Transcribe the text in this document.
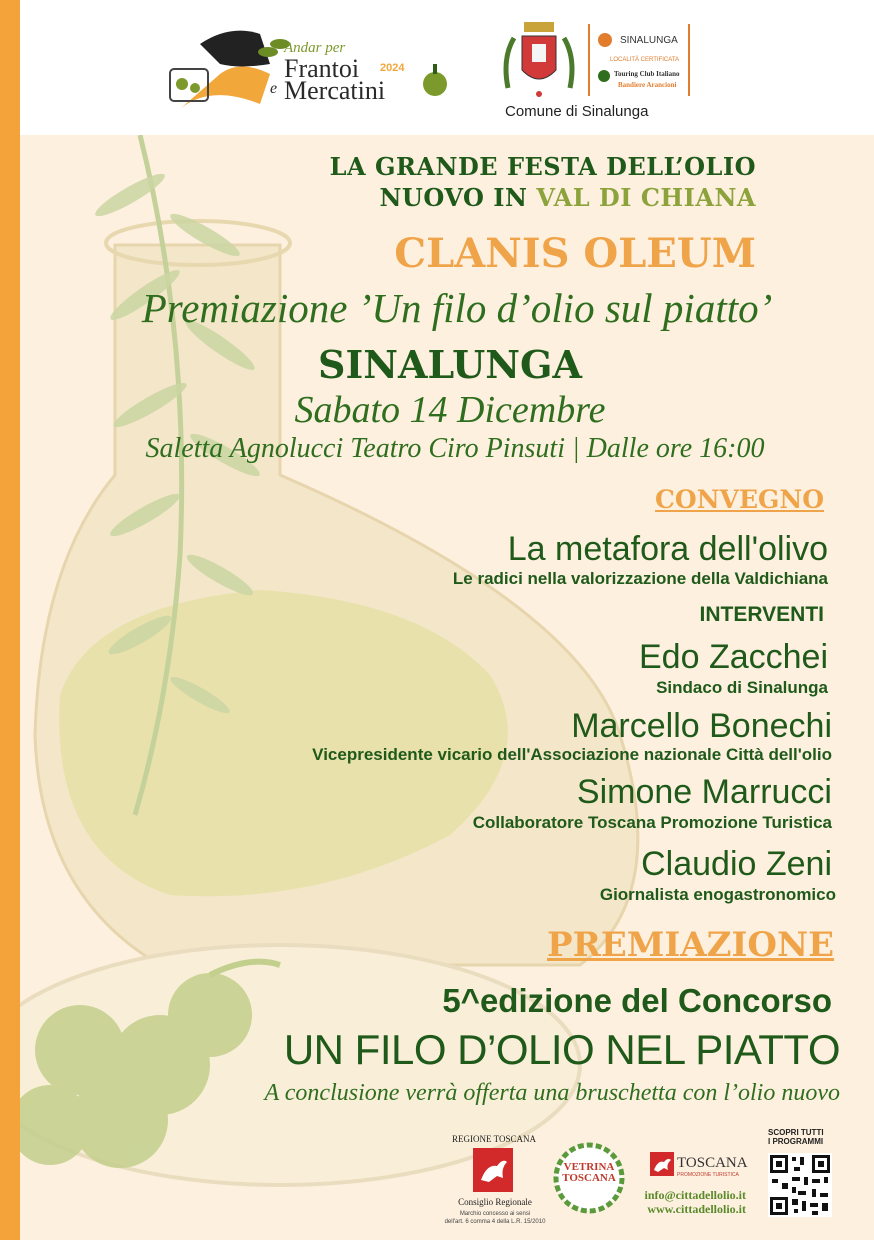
Andar per
Frantoi
e Mercatini
2024
Comune di Sinalunga
SINALUNGA
LOCALITÀ CERTIFICATA
Touring Club Italiano
Bandiere Arancioni
LA GRANDE FESTA DELL’OLIO
NUOVO IN VAL DI CHIANA
CLANIS OLEUM
Premiazione ’Un filo d’olio sul piatto’
SINALUNGA
Sabato 14 Dicembre
Saletta Agnolucci Teatro Ciro Pinsuti | Dalle ore 16:00
CONVEGNO
La metafora dell'olivo
Le radici nella valorizzazione della Valdichiana
INTERVENTI
Edo Zacchei
Sindaco di Sinalunga
Marcello Bonechi
Vicepresidente vicario dell'Associazione nazionale Città dell'olio
Simone Marrucci
Collaboratore Toscana Promozione Turistica
Claudio Zeni
Giornalista enogastronomico
PREMIAZIONE
5^edizione del Concorso
UN FILO D’OLIO NEL PIATTO
A conclusione verrà offerta una bruschetta con l’olio nuovo
REGIONE TOSCANA
Consiglio Regionale
Marchio concesso ai sensi
dell'art. 6 comma 4 della L.R. 15/2010
VETRINA
TOSCANA
TOSCANA
PROMOZIONE TURISTICA
info@cittadellolio.it
www.cittadellolio.it
SCOPRI TUTTI
I PROGRAMMI
